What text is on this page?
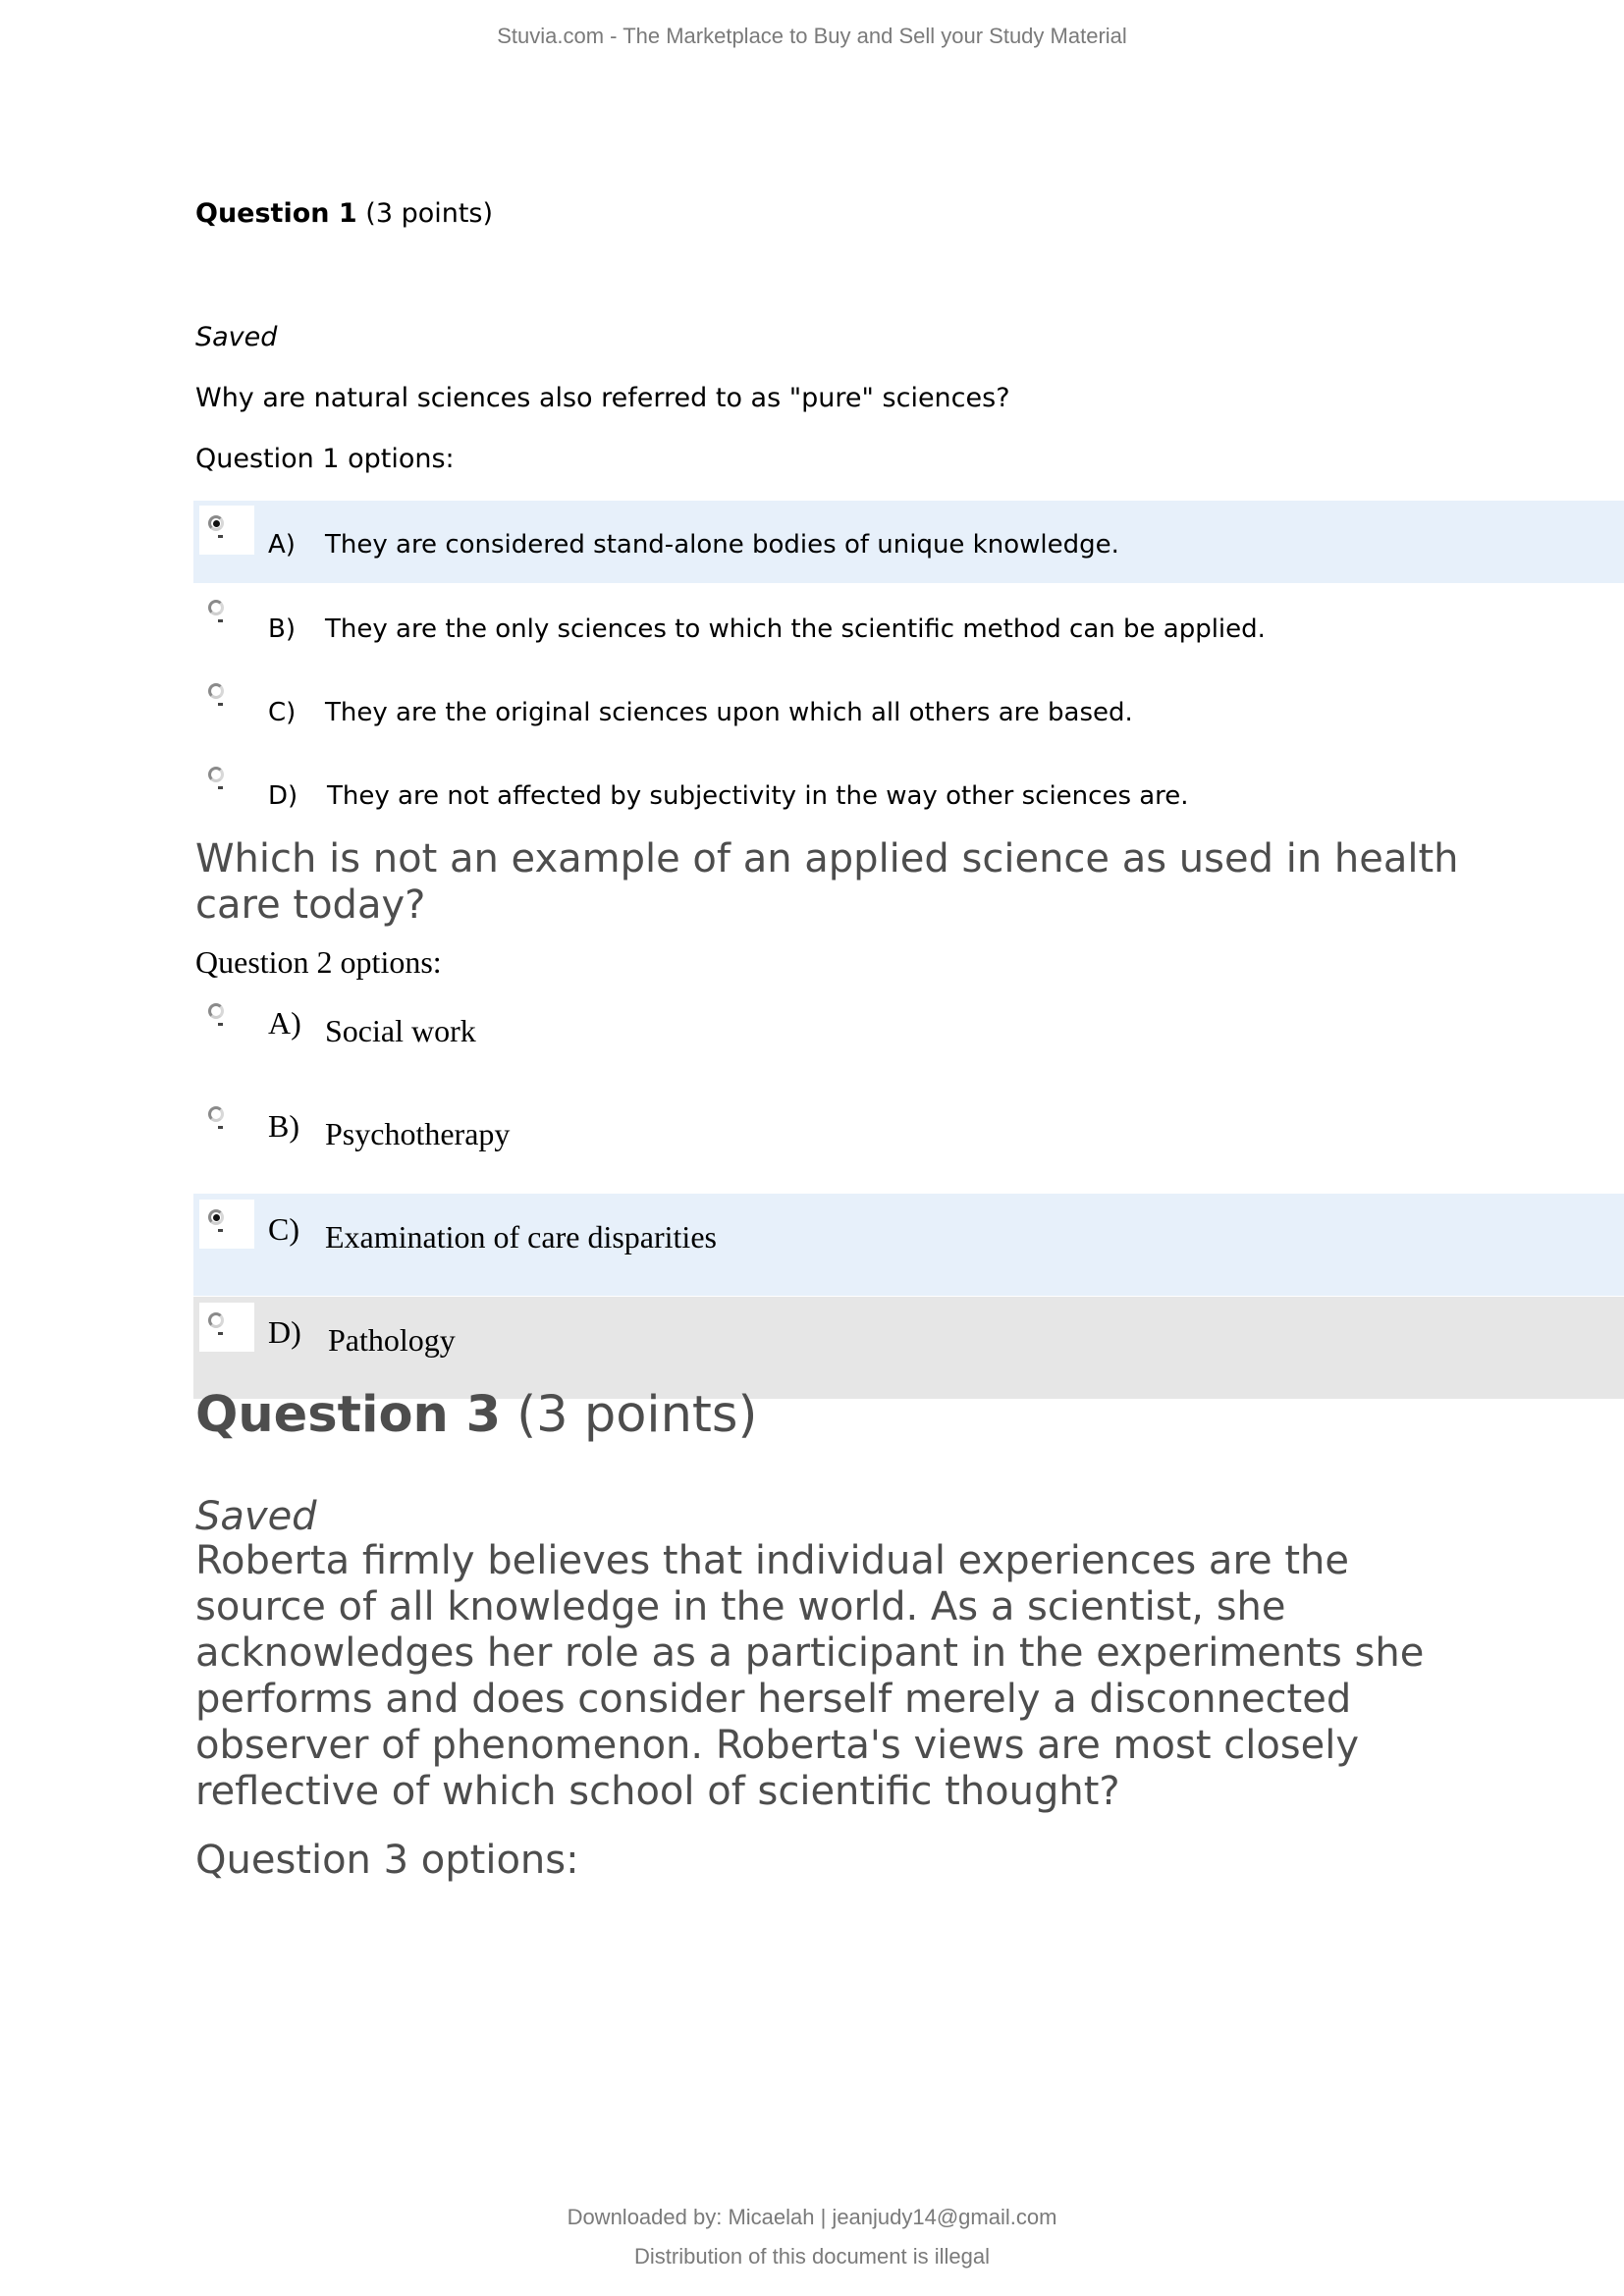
Stuvia.com - The Marketplace to Buy and Sell your Study Material
Question 1 (3 points)
Saved
Why are natural sciences also referred to as "pure" sciences?
Question 1 options:
A) They are considered stand-alone bodies of unique knowledge.
B) They are the only sciences to which the scientific method can be applied.
C) They are the original sciences upon which all others are based.
D) They are not affected by subjectivity in the way other sciences are.
Which is not an example of an applied science as used in health care today?
Question 2 options:
A) Social work
B) Psychotherapy
C) Examination of care disparities
D) Pathology
Question 3 (3 points)
Saved
Roberta firmly believes that individual experiences are the source of all knowledge in the world. As a scientist, she acknowledges her role as a participant in the experiments she performs and does consider herself merely a disconnected observer of phenomenon. Roberta's views are most closely reflective of which school of scientific thought?
Question 3 options:
Downloaded by: Micaelah | jeanjudy14@gmail.com
Distribution of this document is illegal
